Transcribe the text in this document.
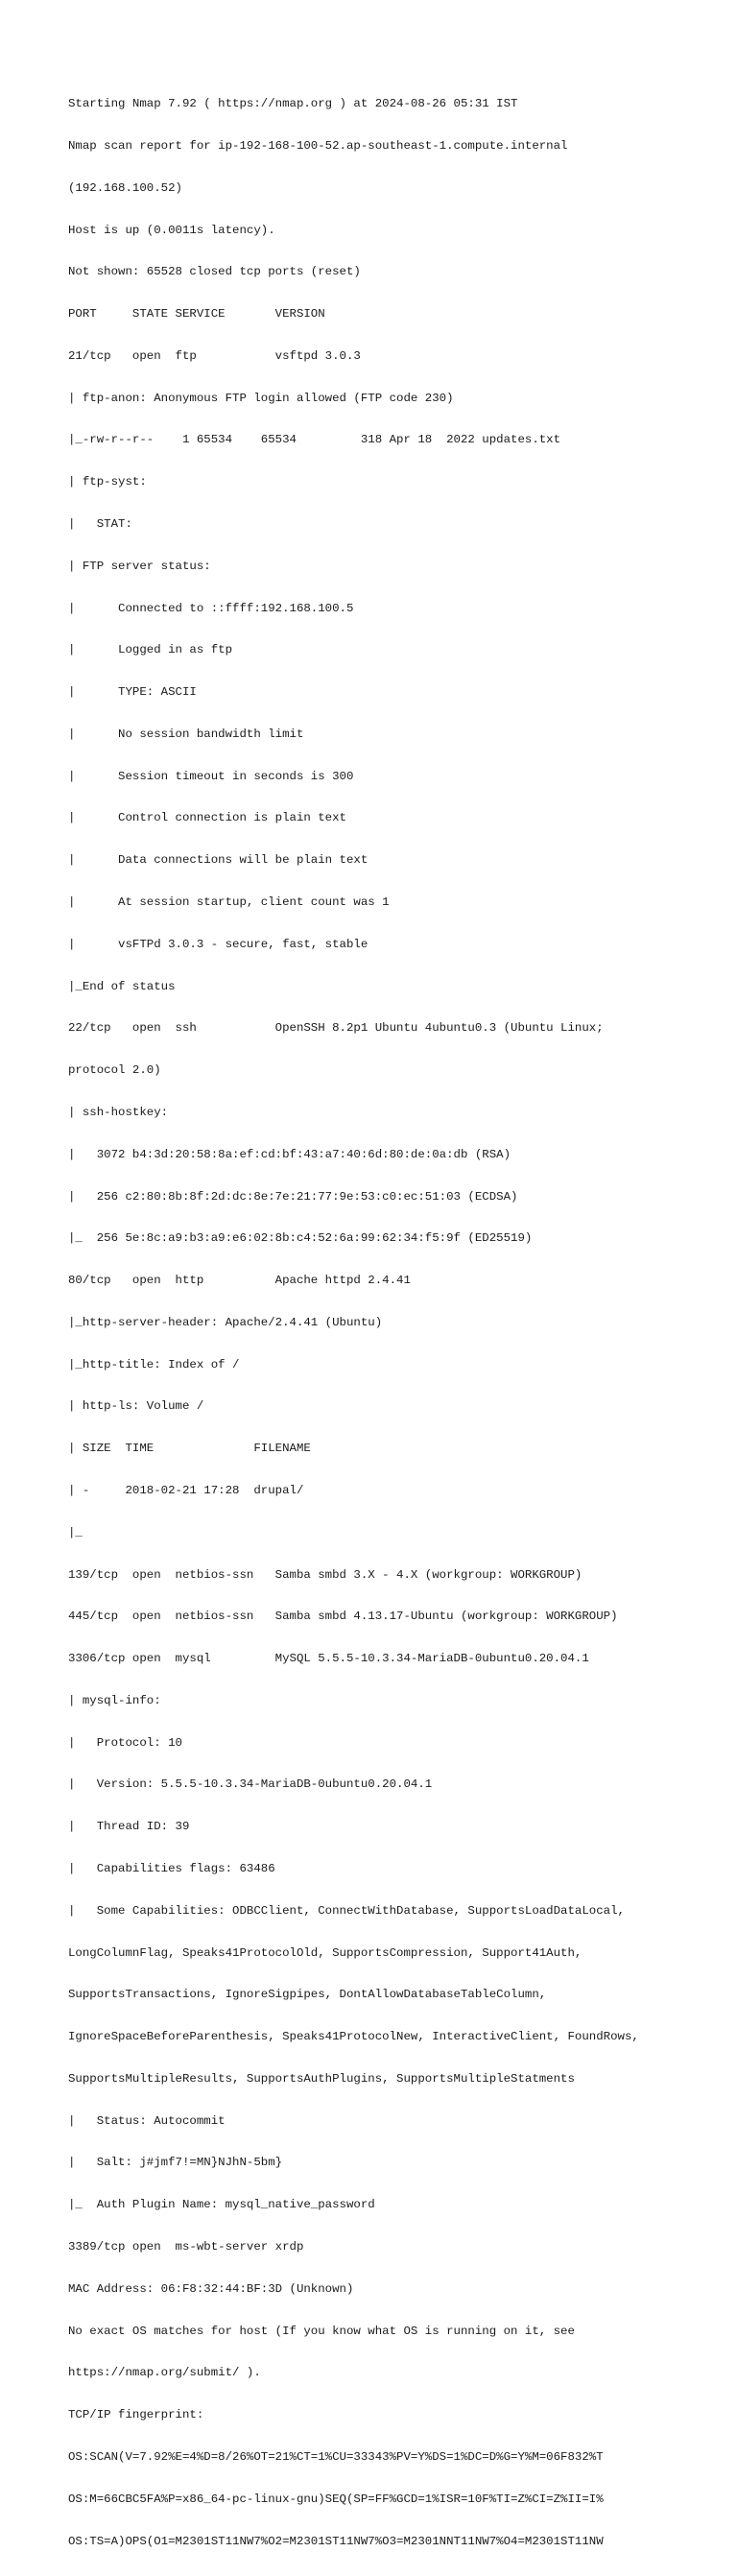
Starting Nmap 7.92 ( https://nmap.org ) at 2024-08-26 05:31 IST

Nmap scan report for ip-192-168-100-52.ap-southeast-1.compute.internal

(192.168.100.52)

Host is up (0.0011s latency).

Not shown: 65528 closed tcp ports (reset)

PORT     STATE SERVICE       VERSION

21/tcp   open  ftp           vsftpd 3.0.3

| ftp-anon: Anonymous FTP login allowed (FTP code 230)

|_-rw-r--r--    1 65534    65534         318 Apr 18  2022 updates.txt

| ftp-syst:

|   STAT:

| FTP server status:

|      Connected to ::ffff:192.168.100.5

|      Logged in as ftp

|      TYPE: ASCII

|      No session bandwidth limit

|      Session timeout in seconds is 300

|      Control connection is plain text

|      Data connections will be plain text

|      At session startup, client count was 1

|      vsFTPd 3.0.3 - secure, fast, stable

|_End of status

22/tcp   open  ssh           OpenSSH 8.2p1 Ubuntu 4ubuntu0.3 (Ubuntu Linux;

protocol 2.0)

| ssh-hostkey:

|   3072 b4:3d:20:58:8a:ef:cd:bf:43:a7:40:6d:80:de:0a:db (RSA)

|   256 c2:80:8b:8f:2d:dc:8e:7e:21:77:9e:53:c0:ec:51:03 (ECDSA)

|_  256 5e:8c:a9:b3:a9:e6:02:8b:c4:52:6a:99:62:34:f5:9f (ED25519)

80/tcp   open  http          Apache httpd 2.4.41

|_http-server-header: Apache/2.4.41 (Ubuntu)

|_http-title: Index of /

| http-ls: Volume /

| SIZE  TIME              FILENAME

| -     2018-02-21 17:28  drupal/

|_

139/tcp  open  netbios-ssn   Samba smbd 3.X - 4.X (workgroup: WORKGROUP)

445/tcp  open  netbios-ssn   Samba smbd 4.13.17-Ubuntu (workgroup: WORKGROUP)

3306/tcp open  mysql         MySQL 5.5.5-10.3.34-MariaDB-0ubuntu0.20.04.1

| mysql-info:

|   Protocol: 10

|   Version: 5.5.5-10.3.34-MariaDB-0ubuntu0.20.04.1

|   Thread ID: 39

|   Capabilities flags: 63486

|   Some Capabilities: ODBCClient, ConnectWithDatabase, SupportsLoadDataLocal,

LongColumnFlag, Speaks41ProtocolOld, SupportsCompression, Support41Auth,

SupportsTransactions, IgnoreSigpipes, DontAllowDatabaseTableColumn,

IgnoreSpaceBeforeParenthesis, Speaks41ProtocolNew, InteractiveClient, FoundRows,

SupportsMultipleResults, SupportsAuthPlugins, SupportsMultipleStatments

|   Status: Autocommit

|   Salt: j#jmf7!=MN}NJhN-5bm}

|_  Auth Plugin Name: mysql_native_password

3389/tcp open  ms-wbt-server xrdp

MAC Address: 06:F8:32:44:BF:3D (Unknown)

No exact OS matches for host (If you know what OS is running on it, see

https://nmap.org/submit/ ).

TCP/IP fingerprint:

OS:SCAN(V=7.92%E=4%D=8/26%OT=21%CT=1%CU=33343%PV=Y%DS=1%DC=D%G=Y%M=06F832%T

OS:M=66CBC5FA%P=x86_64-pc-linux-gnu)SEQ(SP=FF%GCD=1%ISR=10F%TI=Z%CI=Z%II=I%

OS:TS=A)OPS(O1=M2301ST11NW7%O2=M2301ST11NW7%O3=M2301NNT11NW7%O4=M2301ST11NW
